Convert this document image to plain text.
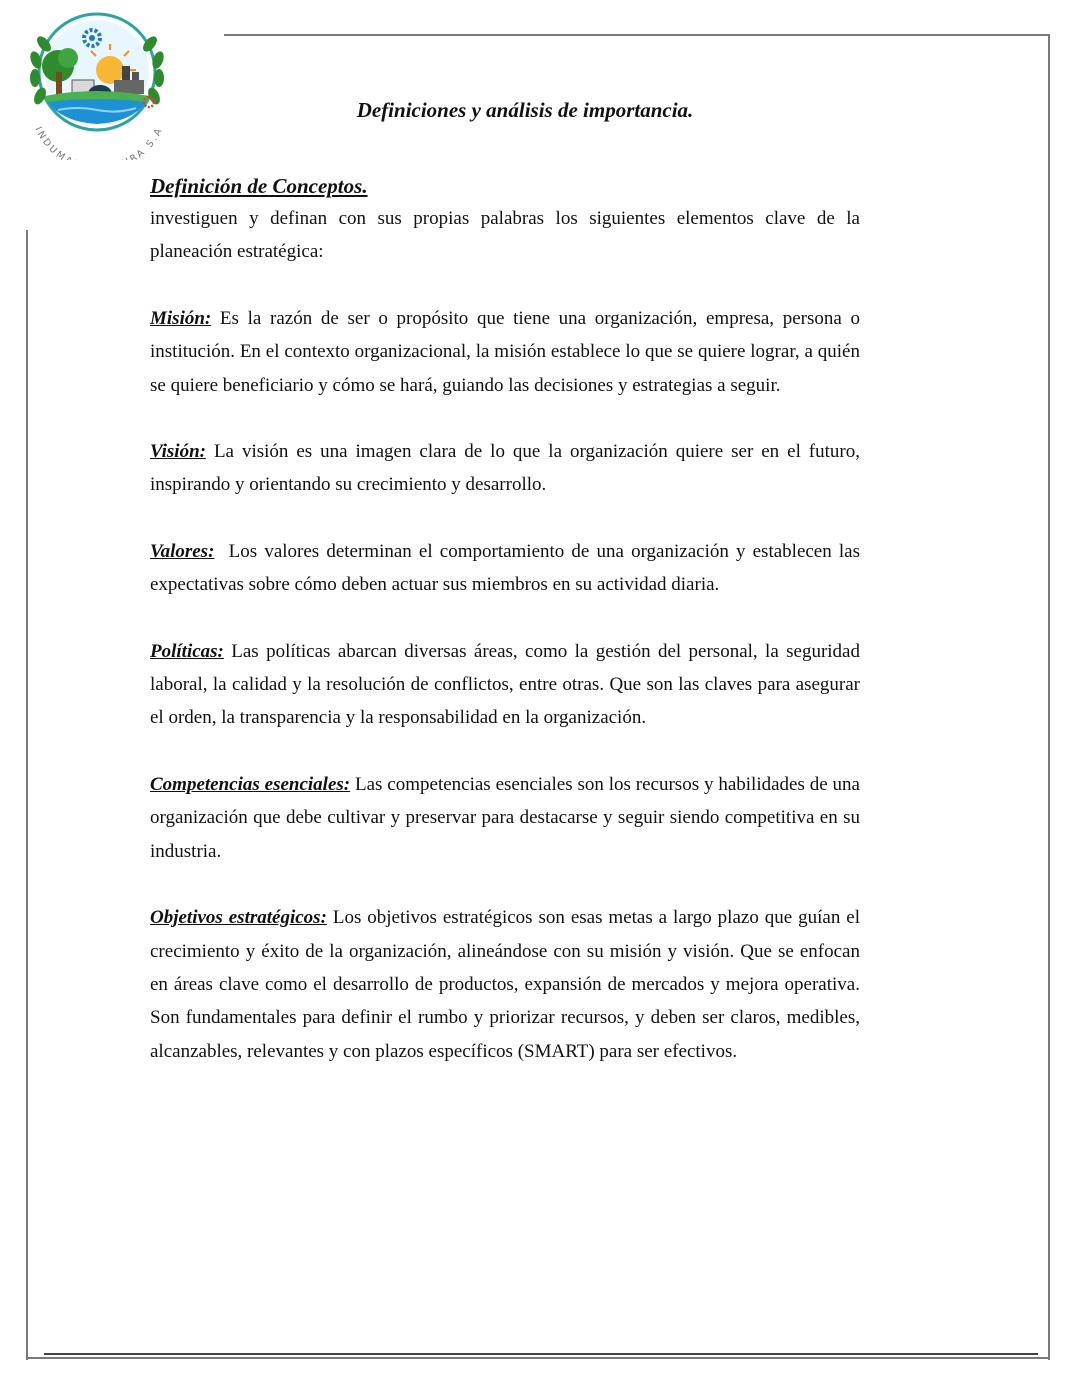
INDUM RA S.A
Definiciones y análisis de importancia.

Definición de Conceptos.

investiguen y definan con sus propias palabras los siguientes elementos clave de la planeación estratégica:

Misión: Es la razón de ser o propósito que tiene una organización, empresa, persona o institución. En el contexto organizacional, la misión establece lo que se quiere lograr, a quién se quiere beneficiario y cómo se hará, guiando las decisiones y estrategias a seguir.

Visión: La visión es una imagen clara de lo que la organización quiere ser en el futuro, inspirando y orientando su crecimiento y desarrollo.

Valores:  Los valores determinan el comportamiento de una organización y establecen las expectativas sobre cómo deben actuar sus miembros en su actividad diaria.

Políticas: Las políticas abarcan diversas áreas, como la gestión del personal, la seguridad laboral, la calidad y la resolución de conflictos, entre otras. Que son las claves para asegurar el orden, la transparencia y la responsabilidad en la organización.

Competencias esenciales: Las competencias esenciales son los recursos y habilidades de una organización que debe cultivar y preservar para destacarse y seguir siendo competitiva en su industria.

Objetivos estratégicos: Los objetivos estratégicos son esas metas a largo plazo que guían el crecimiento y éxito de la organización, alineándose con su misión y visión. Que se enfocan en áreas clave como el desarrollo de productos, expansión de mercados y mejora operativa. Son fundamentales para definir el rumbo y priorizar recursos, y deben ser claros, medibles, alcanzables, relevantes y con plazos específicos (SMART) para ser efectivos.
